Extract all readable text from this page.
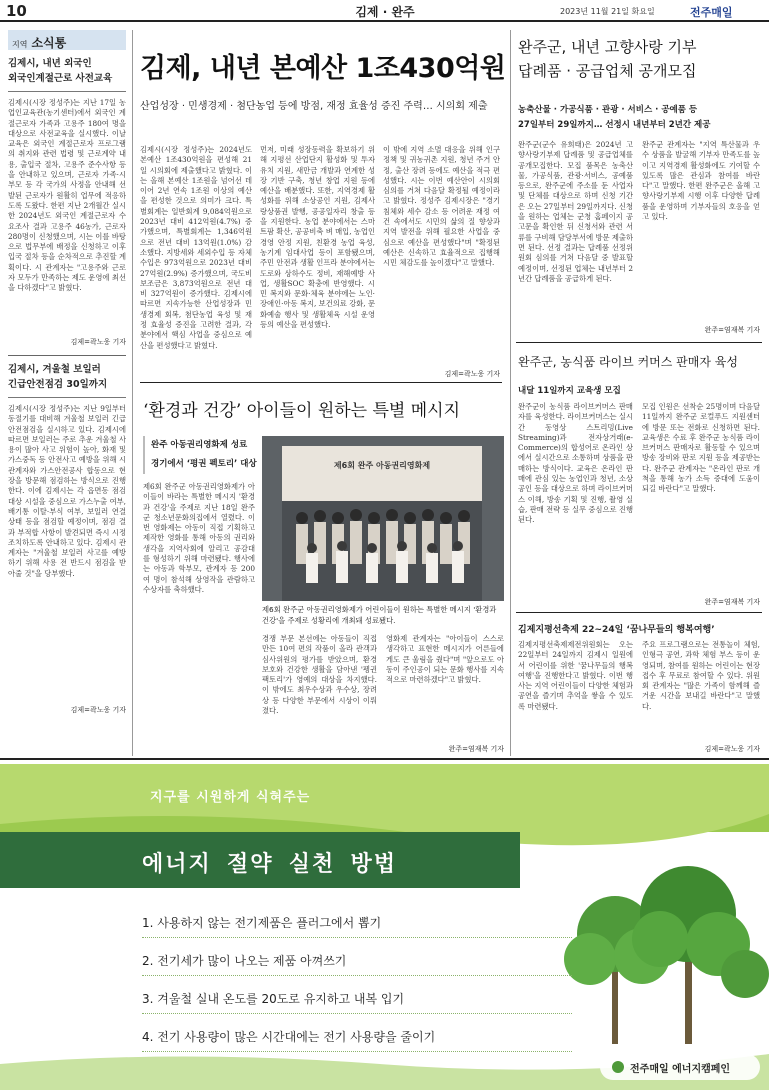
10	김제 · 완주	2023년 11월 21일 화요일	전주매일
지역 소식통
김제시, 내년 외국인
외국인계절근로 사전교육
김제시(시장 정성주)는 지난 17일 농업인교육관(농기센터)에서 외국인 계절근로자 가족과 고용주 180여 명을 대상으로 사전교육을 실시했다. 이날 교육은 외국인 계절근로자 프로그램의 취지와 관련 법령 및 근로계약 내용, 출입국 절차, 고용주 준수사항 등을 안내하고 있으며, 근로자 가족·시부모 등 각 국가의 사정을 안내해 선발된 근로자가 원활히 업무에 적응하도록 도왔다. 한편 지난 2개월간 실시한 2024년도 외국인 계절근로자 수요조사 결과 고용주 46농가, 근로자 280명이 신청했으며, 시는 이를 바탕으로 법무부에 배정을 신청하고 이후 입국 절차 등을 순차적으로 추진할 계획이다. 시 관계자는 "고용주와 근로자 모두가 만족하는 제도 운영에 최선을 다하겠다"고 밝혔다.
김제=곽노웅 기자
김제시, 겨울철 보일러
긴급안전점검 30일까지
김제시(시장 정성주)는 지난 9일부터 동절기를 대비해 겨울철 보일러 긴급안전점검을 실시하고 있다. 김제시에 따르면 보일러는 주로 추운 겨울철 사용이 많아 사고 위험이 높아, 화재 및 가스중독 등 안전사고 예방을 위해 시 관계자와 가스안전공사 합동으로 현장을 방문해 점검하는 방식으로 진행한다. 이에 김제시는 각 읍면동 점검대상 시설을 중심으로 가스누출 여부, 배기통 이탈·부식 여부, 보일러 연결 상태 등을 점검할 예정이며, 점검 결과 부적합 사항이 발견되면 즉시 시정 조치하도록 안내하고 있다. 김제시 관계자는 "겨울철 보일러 사고를 예방하기 위해 사용 전 반드시 점검을 받아줄 것"을 당부했다.
김제=곽노웅 기자
김제, 내년 본예산 1조430억원
산업성장 · 민생경제 · 첨단농업 등에 방점, 재정 효율성 증진 주력… 시의회 제출
김제시(시장 정성주)는 2024년도 본예산 1조430억원을 편성해 21일 시의회에 제출했다고 밝혔다. 이는 올해 본예산 1조원을 넘어선 데 이어 2년 연속 1조원 이상의 예산을 편성한 것으로 의미가 크다. 특별회계는 일반회계 9,084억원으로 2023년 대비 412억원(4.7%) 증가했으며, 특별회계는 1,346억원으로 전년 대비 13억원(1.0%) 감소했다. 지방세와 세외수입 등 자체 수입은 973억원으로 2023년 대비 27억원(2.9%) 증가했으며, 국도비 보조금은 3,873억원으로 전년 대비 327억원이 증가했다. 김제시에 따르면 지속가능한 산업성장과 민생경제 회복, 첨단농업 육성 및 재정 효율성 증진을 고려한 결과, 각 분야에서 핵심 사업을 중심으로 예산을 편성했다고 밝혔다.
먼저, 미래 성장동력을 확보하기 위해 지평선 산업단지 활성화 및 투자유치 지원, 새만금 개발과 연계한 성장 기반 구축, 청년 창업 지원 등에 예산을 배분했다. 또한, 지역경제 활성화를 위해 소상공인 지원, 김제사랑상품권 발행, 공공일자리 창출 등을 지원한다. 농업 분야에서는 스마트팜 확산, 공공비축 벼 매입, 농업인 경영 안정 지원, 친환경 농업 육성, 농기계 임대사업 등이 포함됐으며, 주민 안전과 생활 인프라 분야에서는 도로와 상하수도 정비, 재해예방 사업, 생활SOC 확충에 반영했다. 시민 복지와 문화·체육 분야에는 노인·장애인·아동 복지, 보건의료 강화, 문화예술 행사 및 생활체육 시설 운영 등의 예산을 편성했다.
이 밖에 지역 소멸 대응을 위해 인구 정책 및 귀농귀촌 지원, 청년 주거 안정, 출산 장려 등에도 예산을 적극 편성했다. 시는 이번 예산안이 시의회 심의를 거쳐 다음달 확정될 예정이라고 밝혔다. 정성주 김제시장은 "경기 침체와 세수 감소 등 어려운 재정 여건 속에서도 시민의 삶의 질 향상과 지역 발전을 위해 필요한 사업을 중심으로 예산을 편성했다"며 "확정된 예산은 신속하고 효율적으로 집행해 시민 체감도를 높이겠다"고 말했다.
김제=곽노웅 기자
완주군, 내년 고향사랑 기부
답례품 · 공급업체 공개모집
농축산물 · 가공식품 · 관광 · 서비스 · 공예품 등
27일부터 29일까지… 선정시 내년부터 2년간 제공
완주군(군수 유희태)은 2024년 고향사랑기부제 답례품 및 공급업체를 공개모집한다. 모집 품목은 농축산물, 가공식품, 관광·서비스, 공예품 등으로, 완주군에 주소를 둔 사업자 및 단체를 대상으로 하며 신청 기간은 오는 27일부터 29일까지다. 신청을 원하는 업체는 군청 홈페이지 공고문을 확인한 뒤 신청서와 관련 서류를 구비해 담당부서에 방문 제출하면 된다. 선정 결과는 답례품 선정위원회 심의를 거쳐 다음달 중 발표할 예정이며, 선정된 업체는 내년부터 2년간 답례품을 공급하게 된다.
완주군 관계자는 "지역 특산물과 우수 상품을 발굴해 기부자 만족도를 높이고 지역경제 활성화에도 기여할 수 있도록 많은 관심과 참여를 바란다"고 말했다. 한편 완주군은 올해 고향사랑기부제 시행 이후 다양한 답례품을 운영하며 기부자들의 호응을 얻고 있다.
완주=염재복 기자
완주군, 농식품 라이브 커머스 판매자 육성
내달 11일까지 교육생 모집
완주군이 농식품 라이브커머스 판매자를 육성한다. 라이브커머스는 실시간 동영상 스트리밍(Live Streaming)과 전자상거래(e-Commerce)의 합성어로 온라인 상에서 실시간으로 소통하며 상품을 판매하는 방식이다. 교육은 온라인 판매에 관심 있는 농업인과 청년, 소상공인 등을 대상으로 하며 라이브커머스 이해, 방송 기획 및 진행, 촬영 실습, 판매 전략 등 실무 중심으로 진행된다.
모집 인원은 선착순 25명이며 다음달 11일까지 완주군 로컬푸드 지원센터에 방문 또는 전화로 신청하면 된다. 교육생은 수료 후 완주군 농식품 라이브커머스 판매자로 활동할 수 있으며 방송 장비와 판로 지원 등을 제공받는다. 완주군 관계자는 "온라인 판로 개척을 통해 농가 소득 증대에 도움이 되길 바란다"고 말했다.
완주=염재복 기자
‘환경과 건강’ 아이들이 원하는 특별 메시지
완주 아동권리영화제 성료
경기에서 ‘평권 펙토리’ 대상
제6회 완주군 아동권리영화제가 아이들이 바라는 특별한 메시지 '환경과 건강'을 주제로 지난 18일 완주군 청소년문화의집에서 열렸다. 이번 영화제는 아동이 직접 기획하고 제작한 영화를 통해 아동의 권리와 생각을 지역사회에 알리고 공감대를 형성하기 위해 마련됐다. 행사에는 아동과 학부모, 관계자 등 200여 명이 참석해 상영작을 관람하고 수상자를 축하했다.
제6회 완주 아동권리영화제
제6회 완주군 아동권리영화제가 어린이들이 원하는 특별한 메시지 '환경과 건강'을 주제로 성황리에 개최돼 성료됐다.
경쟁 부문 본선에는 아동들이 직접 만든 10여 편의 작품이 올라 관객과 심사위원의 평가를 받았으며, 환경 보호와 건강한 생활을 담아낸 '펭귄 팩토리'가 영예의 대상을 차지했다. 이 밖에도 최우수상과 우수상, 장려상 등 다양한 부문에서 시상이 이뤄졌다.
영화제 관계자는 "아이들이 스스로 생각하고 표현한 메시지가 어른들에게도 큰 울림을 줬다"며 "앞으로도 아동이 주인공이 되는 문화 행사를 지속적으로 마련하겠다"고 밝혔다.
완주=염재복 기자
김제지평선축제 22~24일 ‘꿈나무들의 행복여행’
김제지평선축제제전위원회는 오는 22일부터 24일까지 김제시 일원에서 어린이를 위한 '꿈나무들의 행복여행'을 진행한다고 밝혔다. 이번 행사는 지역 어린이들이 다양한 체험과 공연을 즐기며 추억을 쌓을 수 있도록 마련됐다.
주요 프로그램으로는 전통놀이 체험, 인형극 공연, 과학 체험 부스 등이 운영되며, 참여를 원하는 어린이는 현장 접수 후 무료로 참여할 수 있다. 위원회 관계자는 "많은 가족이 함께해 즐거운 시간을 보내길 바란다"고 말했다.
김제=곽노웅 기자
지구를 시원하게 식혀주는
에너지 절약 실천 방법
1. 사용하지 않는 전기제품은 플러그에서 뽑기
2. 전기세가 많이 나오는 제품 아껴쓰기
3. 겨울철 실내 온도를 20도로 유지하고 내복 입기
4. 전기 사용량이 많은 시간대에는 전기 사용량을 줄이기
전주매일 에너지캠페인
